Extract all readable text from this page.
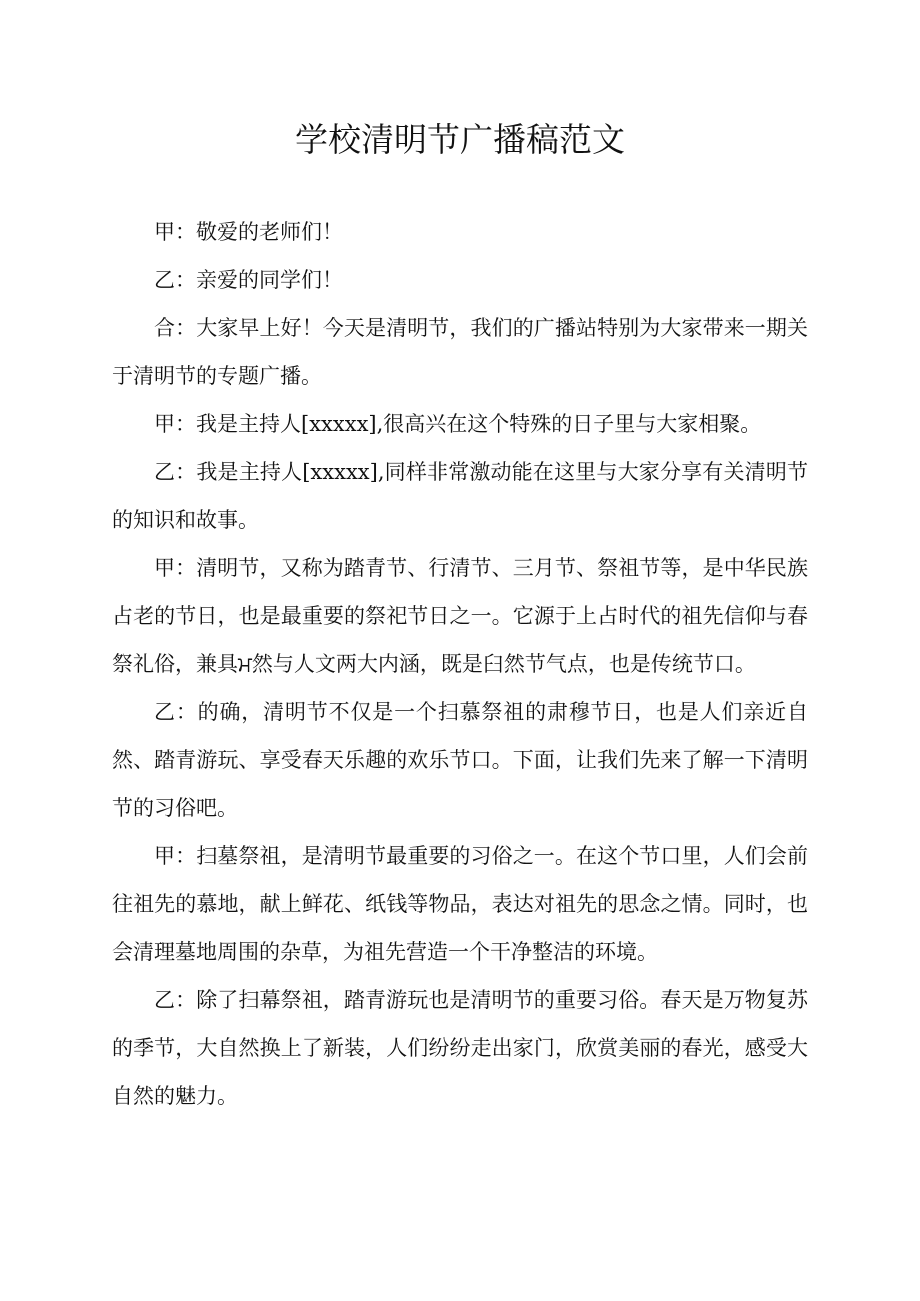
学校清明节广播稿范文

甲：敬爱的老师们！

乙：亲爱的同学们！

合：大家早上好！今天是清明节，我们的广播站特别为大家带来一期关于清明节的专题广播。

甲：我是主持人[xxxxx],很高兴在这个特殊的日子里与大家相聚。

乙：我是主持人[xxxxx],同样非常激动能在这里与大家分享有关清明节的知识和故事。

甲：清明节，又称为踏青节、行清节、三月节、祭祖节等，是中华民族占老的节日，也是最重要的祭祀节日之一。它源于上占时代的祖先信仰与春祭礼俗，兼具ਮ然与人文两大内涵，既是臼然节气点，也是传统节口。

乙：的确，清明节不仅是一个扫慕祭祖的肃穆节日，也是人们亲近自然、踏青游玩、享受春天乐趣的欢乐节口。下面，让我们先来了解一下清明节的习俗吧。

甲：扫墓祭祖，是清明节最重要的习俗之一。在这个节口里，人们会前往祖先的慕地，献上鲜花、纸钱等物品，表达对祖先的思念之情。同时，也会清理墓地周围的杂草，为祖先营造一个干净整洁的环境。

乙：除了扫幕祭祖，踏青游玩也是清明节的重要习俗。春天是万物复苏的季节，大自然换上了新装，人们纷纷走出家门，欣赏美丽的春光，感受大自然的魅力。
